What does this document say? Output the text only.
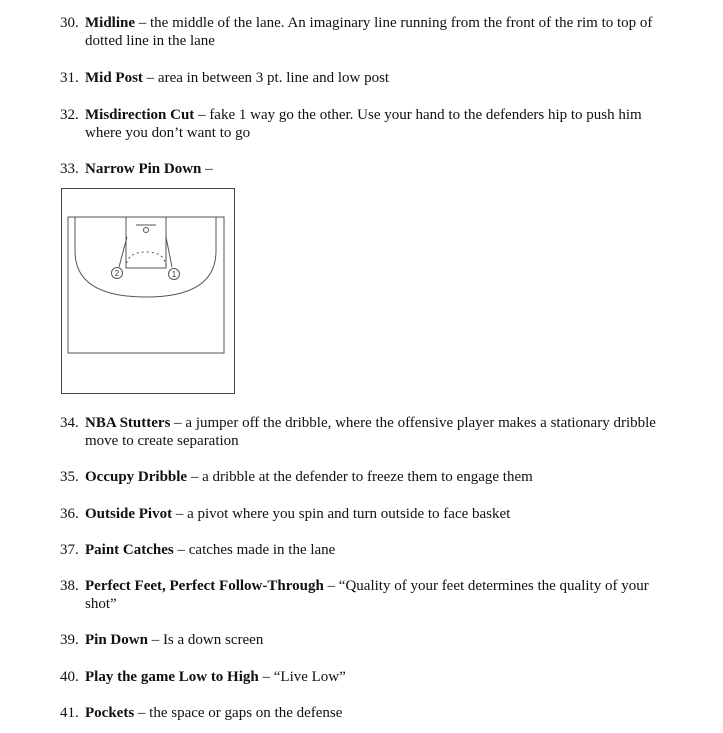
30. Midline – the middle of the lane. An imaginary line running from the front of the rim to top of dotted line in the lane
31. Mid Post – area in between 3 pt. line and low post
32. Misdirection Cut – fake 1 way go the other. Use your hand to the defenders hip to push him where you don’t want to go
33. Narrow Pin Down –
2	1
34. NBA Stutters – a jumper off the dribble, where the offensive player makes a stationary dribble move to create separation
35. Occupy Dribble – a dribble at the defender to freeze them to engage them
36. Outside Pivot – a pivot where you spin and turn outside to face basket
37. Paint Catches – catches made in the lane
38. Perfect Feet, Perfect Follow-Through – “Quality of your feet determines the quality of your shot”
39. Pin Down – Is a down screen
40. Play the game Low to High – “Live Low”
41. Pockets – the space or gaps on the defense
